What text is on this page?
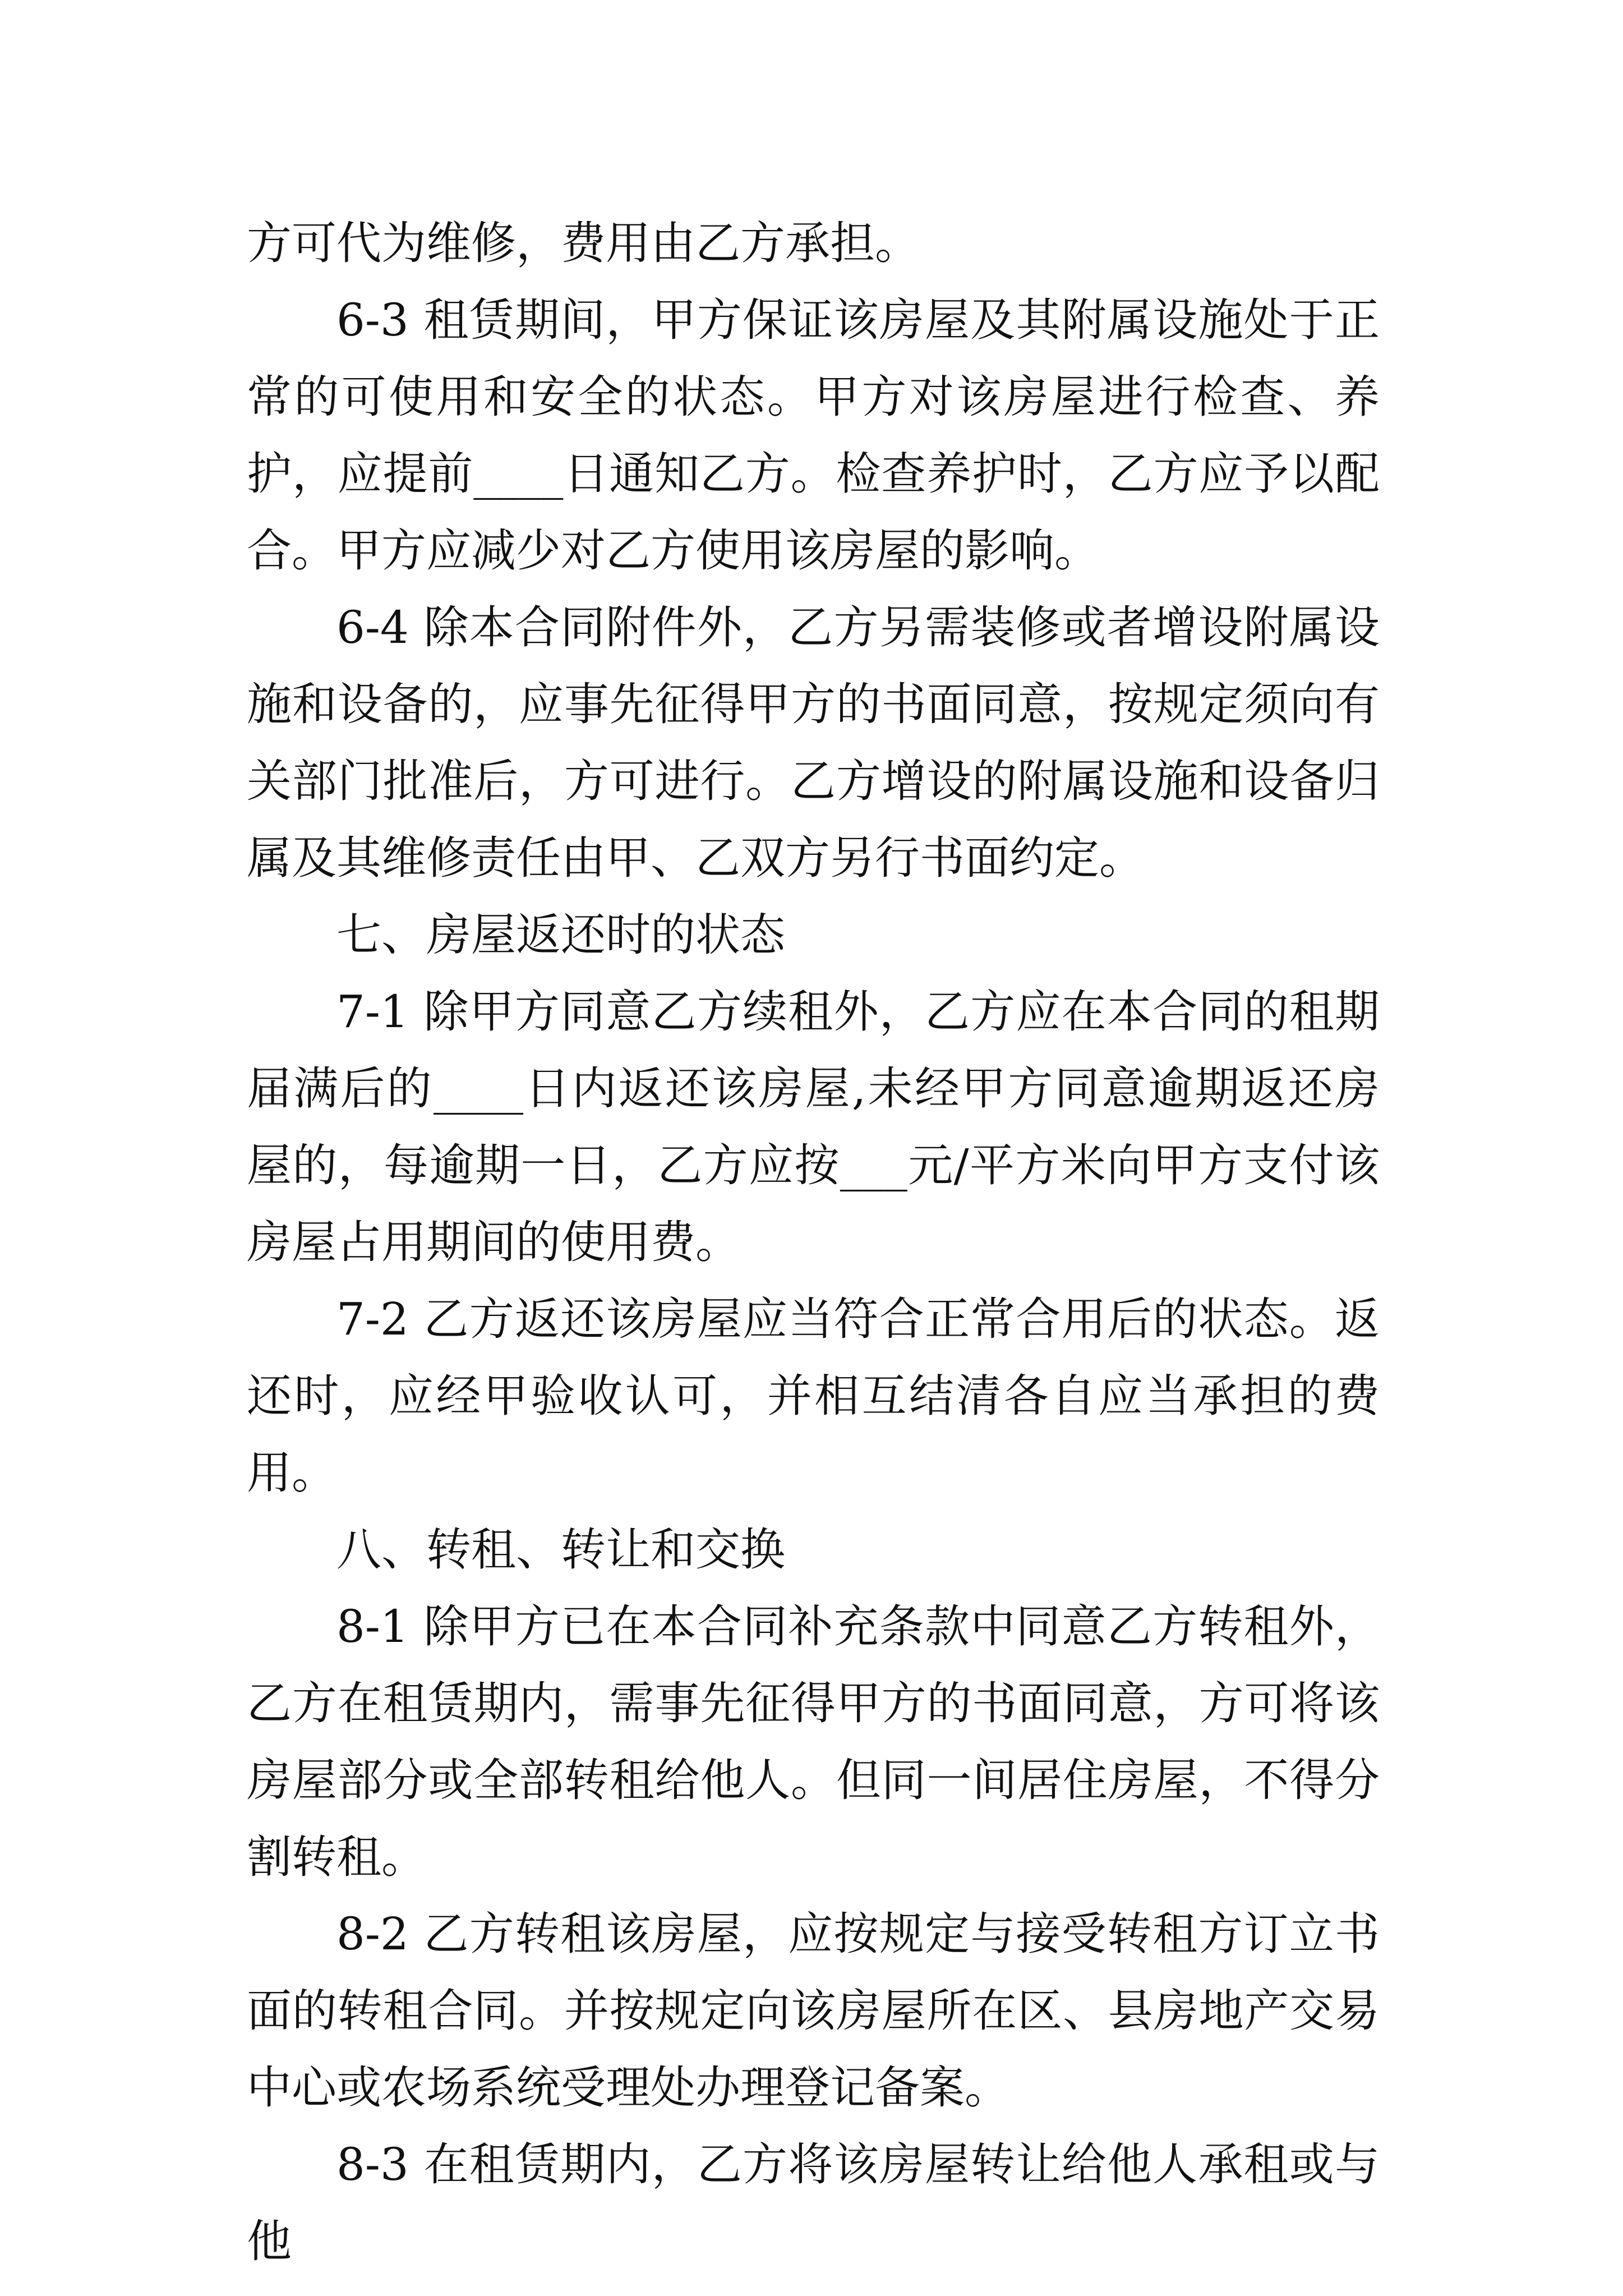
方可代为维修，费用由乙方承担。

6-3 租赁期间，甲方保证该房屋及其附属设施处于正常的可使用和安全的状态。甲方对该房屋进行检查、养护，应提前____日通知乙方。检查养护时，乙方应予以配合。甲方应减少对乙方使用该房屋的影响。

6-4 除本合同附件外，乙方另需装修或者增设附属设施和设备的，应事先征得甲方的书面同意，按规定须向有关部门批准后，方可进行。乙方增设的附属设施和设备归属及其维修责任由甲、乙双方另行书面约定。

七、房屋返还时的状态

7-1 除甲方同意乙方续租外，乙方应在本合同的租期届满后的____日内返还该房屋,未经甲方同意逾期返还房屋的，每逾期一日，乙方应按___元/平方米向甲方支付该房屋占用期间的使用费。

7-2 乙方返还该房屋应当符合正常合用后的状态。返还时，应经甲验收认可，并相互结清各自应当承担的费用。

八、转租、转让和交换

8-1 除甲方已在本合同补充条款中同意乙方转租外，乙方在租赁期内，需事先征得甲方的书面同意，方可将该房屋部分或全部转租给他人。但同一间居住房屋，不得分割转租。

8-2 乙方转租该房屋，应按规定与接受转租方订立书面的转租合同。并按规定向该房屋所在区、县房地产交易中心或农场系统受理处办理登记备案。

8-3 在租赁期内，乙方将该房屋转让给他人承租或与他
